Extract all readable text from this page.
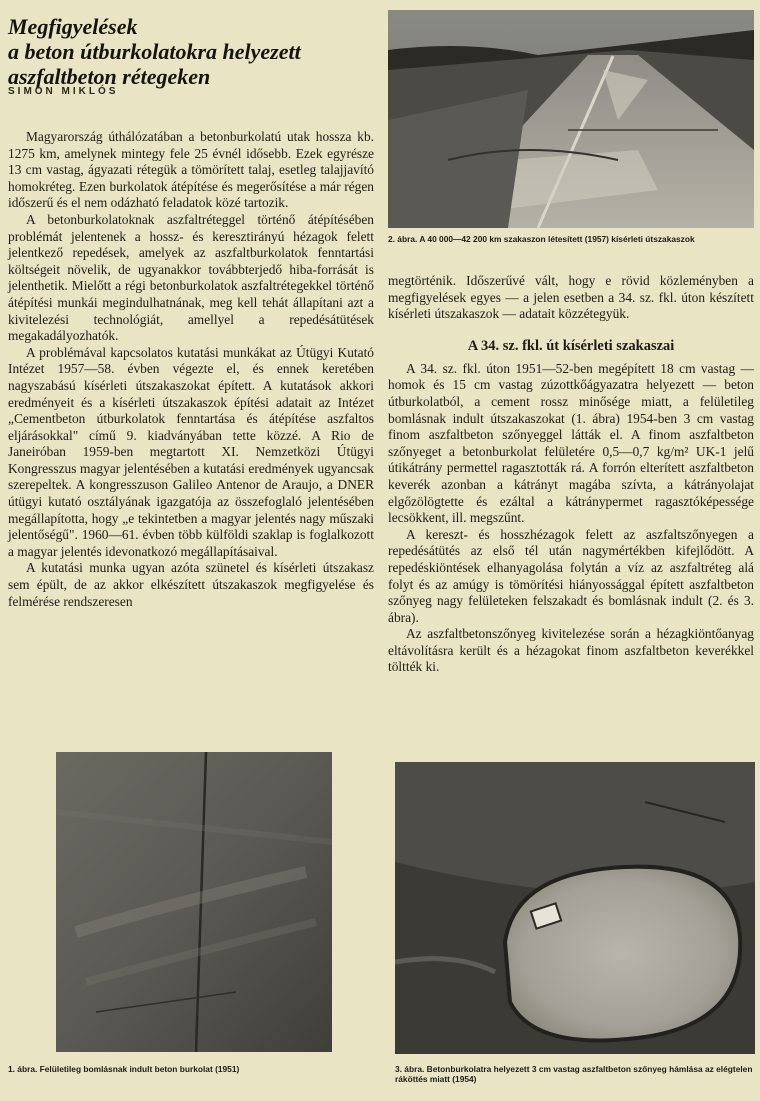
Megfigyelések
a beton útburkolatokra helyezett
aszfaltbeton rétegeken
SIMON MIKLÓS

Magyarország úthálózatában a betonburkolatú utak hossza kb. 1275 km, amelynek mintegy fele 25 évnél idősebb. Ezek egyrésze 13 cm vastag, ágyazati rétegük a tömörített talaj, esetleg talajjavító homokréteg. Ezen burkolatok átépítése és megerősítése a már régen időszerű és el nem odázható feladatok közé tartozik.

A betonburkolatoknak aszfaltréteggel történő átépítésében problémát jelentenek a hossz- és keresztirányú hézagok felett jelentkező repedések, amelyek az aszfaltburkolatok fenntartási költségeit növelik, de ugyanakkor továbbterjedő hiba-forrását is jelenthetik. Mielőtt a régi betonburkolatok aszfaltrétegekkel történő átépítési munkái megindulhatnának, meg kell tehát állapítani azt a kivitelezési technológiát, amellyel a repedésátütések megakadályozhatók.

A problémával kapcsolatos kutatási munkákat az Útügyi Kutató Intézet 1957—58. évben végezte el, és ennek keretében nagyszabású kísérleti útszakaszokat épített. A kutatások akkori eredményeit és a kísérleti útszakaszok építési adatait az Intézet „Cementbeton útburkolatok fenntartása és átépítése aszfaltos eljárásokkal" című 9. kiadványában tette közzé. A Rio de Janeiróban 1959-ben megtartott XI. Nemzetközi Útügyi Kongresszus magyar jelentésében a kutatási eredmények ugyancsak szerepeltek. A kongresszuson Galileo Antenor de Araujo, a DNER útügyi kutató osztályának igazgatója az összefoglaló jelentésében megállapította, hogy „e tekintetben a magyar jelentés nagy műszaki jelentőségű". 1960—61. évben több külföldi szaklap is foglalkozott a magyar jelentés idevonatkozó megállapításaival.

A kutatási munka ugyan azóta szünetel és kísérleti útszakasz sem épült, de az akkor elkészített útszakaszok megfigyelése és felmérése rendszeresen

2. ábra. A 40 000—42 200 km szakaszon létesített (1957) kísérleti útszakaszok

megtörténik. Időszerűvé vált, hogy e rövid közleményben a megfigyelések egyes — a jelen esetben a 34. sz. fkl. úton készített kísérleti útszakaszok — adatait közzétegyük.

A 34. sz. fkl. út kísérleti szakaszai

A 34. sz. fkl. úton 1951—52-ben megépített 18 cm vastag — homok és 15 cm vastag zúzottkőágyazatra helyezett — beton útburkolatból, a cement rossz minősége miatt, a felületileg bomlásnak indult útszakaszokat (1. ábra) 1954-ben 3 cm vastag finom aszfaltbeton szőnyeggel látták el. A finom aszfaltbeton szőnyeget a betonburkolat felületére 0,5—0,7 kg/m² UK-1 jelű útikátrány permettel ragasztották rá. A forrón elterített aszfaltbeton keverék azonban a kátrányt magába szívta, a kátrányolajat elgőzölögtette és ezáltal a kátránypermet ragasztóképessége lecsökkent, ill. megszűnt.

A kereszt- és hosszhézagok felett az aszfaltszőnyegen a repedésátütés az első tél után nagymértékben kifejlődött. A repedéskiöntések elhanyagolása folytán a víz az aszfaltréteg alá folyt és az amúgy is tömörítési hiányossággal épített aszfaltbeton szőnyeg nagy felületeken felszakadt és bomlásnak indult (2. és 3. ábra).

Az aszfaltbetonszőnyeg kivitelezése során a hézagkiöntőanyag eltávolításra került és a hézagokat finom aszfaltbeton keverékkel töltték ki.

1. ábra. Felületileg bomlásnak indult beton burkolat (1951)	3. ábra. Betonburkolatra helyezett 3 cm vastag aszfaltbeton szőnyeg hámlása az elégtelen ráköttés miatt (1954)
